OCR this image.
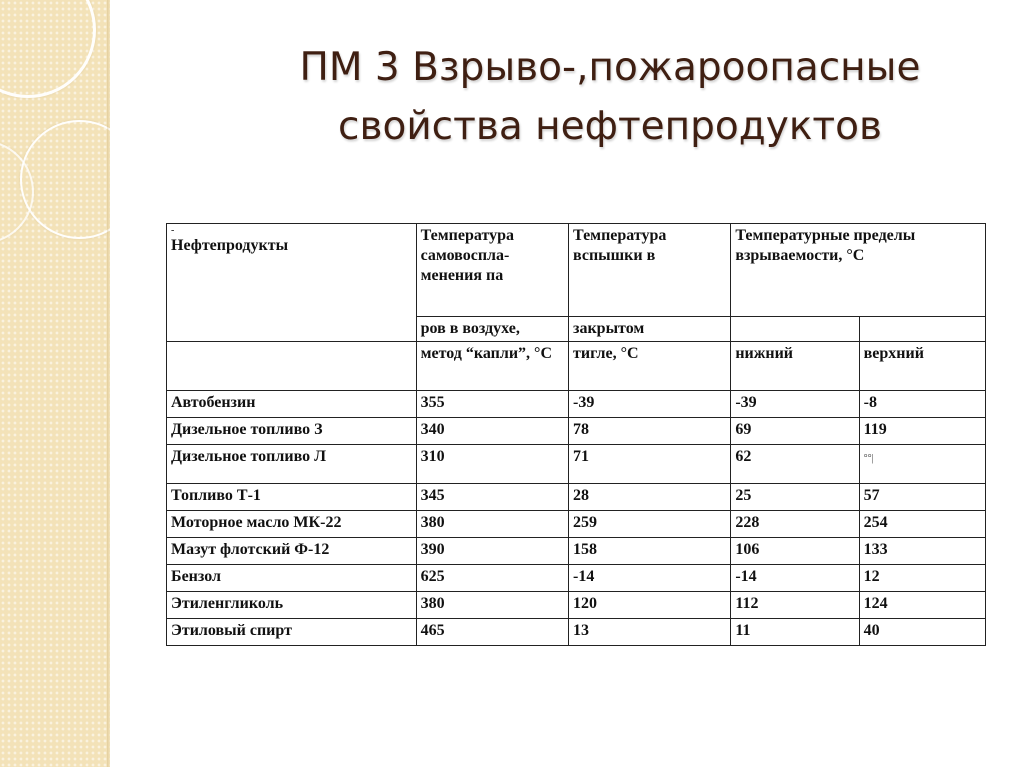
ПМ 3 Взрыво-,пожароопасные
свойства нефтепродуктов
-
Нефтепродукты	Температура самовоспла-менения па	Температура вспышки в	Температурные пределы взрываемости, °С	
	ров в воздухе,	закрытом		
	метод “капли”, °С	тигле, °С	нижний	верхний
Автобензин	355	-39	-39	-8
Дизельное топливо З	340	78	69	119
Дизельное топливо Л	310	71	62	°°|
Топливо Т-1	345	28	25	57
Моторное масло МК-22	380	259	228	254
Мазут флотский Ф-12	390	158	106	133
Бензол	625	-14	-14	12
Этиленгликоль	380	120	112	124
Этиловый спирт	465	13	11	40
